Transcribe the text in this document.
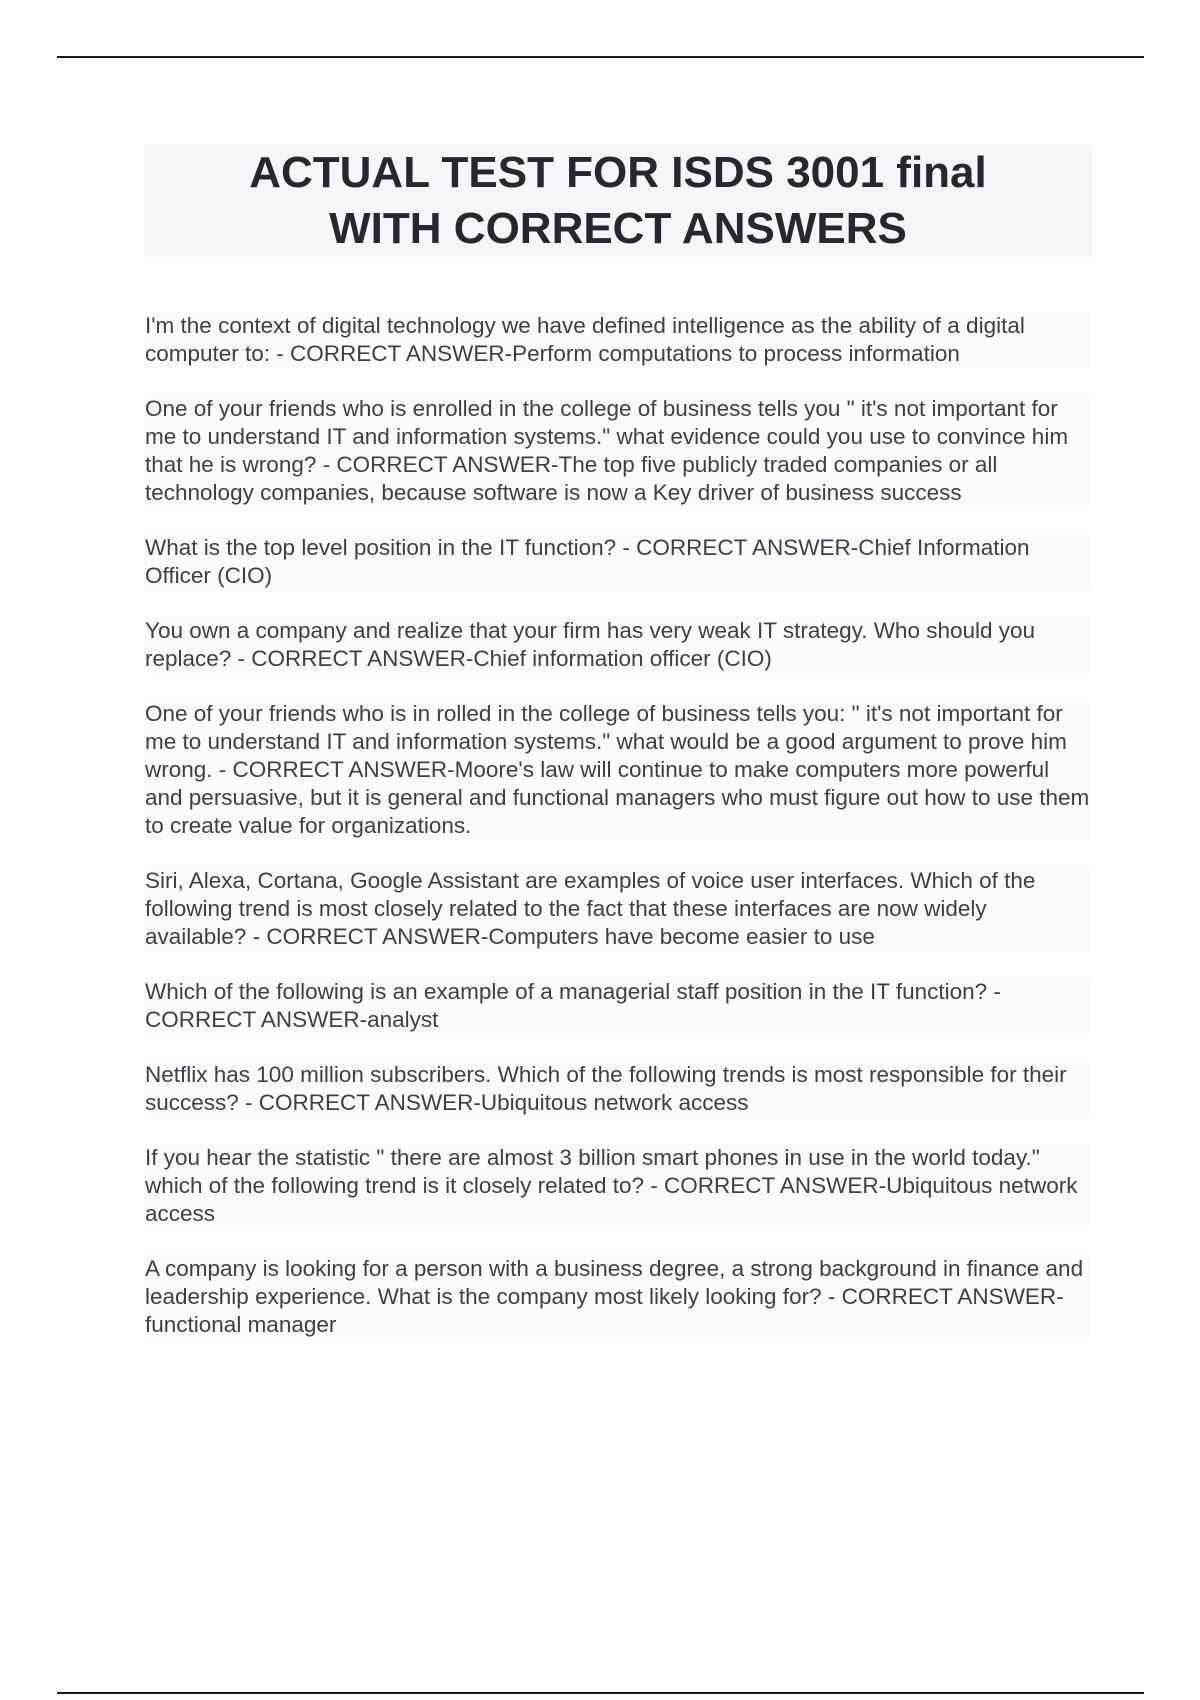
ACTUAL TEST FOR ISDS 3001 final
WITH CORRECT ANSWERS

I'm the context of digital technology we have defined intelligence as the ability of a digital computer to: - CORRECT ANSWER-Perform computations to process information

One of your friends who is enrolled in the college of business tells you " it's not important for me to understand IT and information systems." what evidence could you use to convince him that he is wrong? - CORRECT ANSWER-The top five publicly traded companies or all technology companies, because software is now a Key driver of business success

What is the top level position in the IT function? - CORRECT ANSWER-Chief Information Officer (CIO)

You own a company and realize that your firm has very weak IT strategy. Who should you replace? - CORRECT ANSWER-Chief information officer (CIO)

One of your friends who is in rolled in the college of business tells you: " it's not important for me to understand IT and information systems." what would be a good argument to prove him wrong. - CORRECT ANSWER-Moore's law will continue to make computers more powerful and persuasive, but it is general and functional managers who must figure out how to use them to create value for organizations.

Siri, Alexa, Cortana, Google Assistant are examples of voice user interfaces. Which of the following trend is most closely related to the fact that these interfaces are now widely available? - CORRECT ANSWER-Computers have become easier to use

Which of the following is an example of a managerial staff position in the IT function? - CORRECT ANSWER-analyst

Netflix has 100 million subscribers. Which of the following trends is most responsible for their success? - CORRECT ANSWER-Ubiquitous network access

If you hear the statistic " there are almost 3 billion smart phones in use in the world today." which of the following trend is it closely related to? - CORRECT ANSWER-Ubiquitous network access

A company is looking for a person with a business degree, a strong background in finance and leadership experience. What is the company most likely looking for? - CORRECT ANSWER-functional manager
